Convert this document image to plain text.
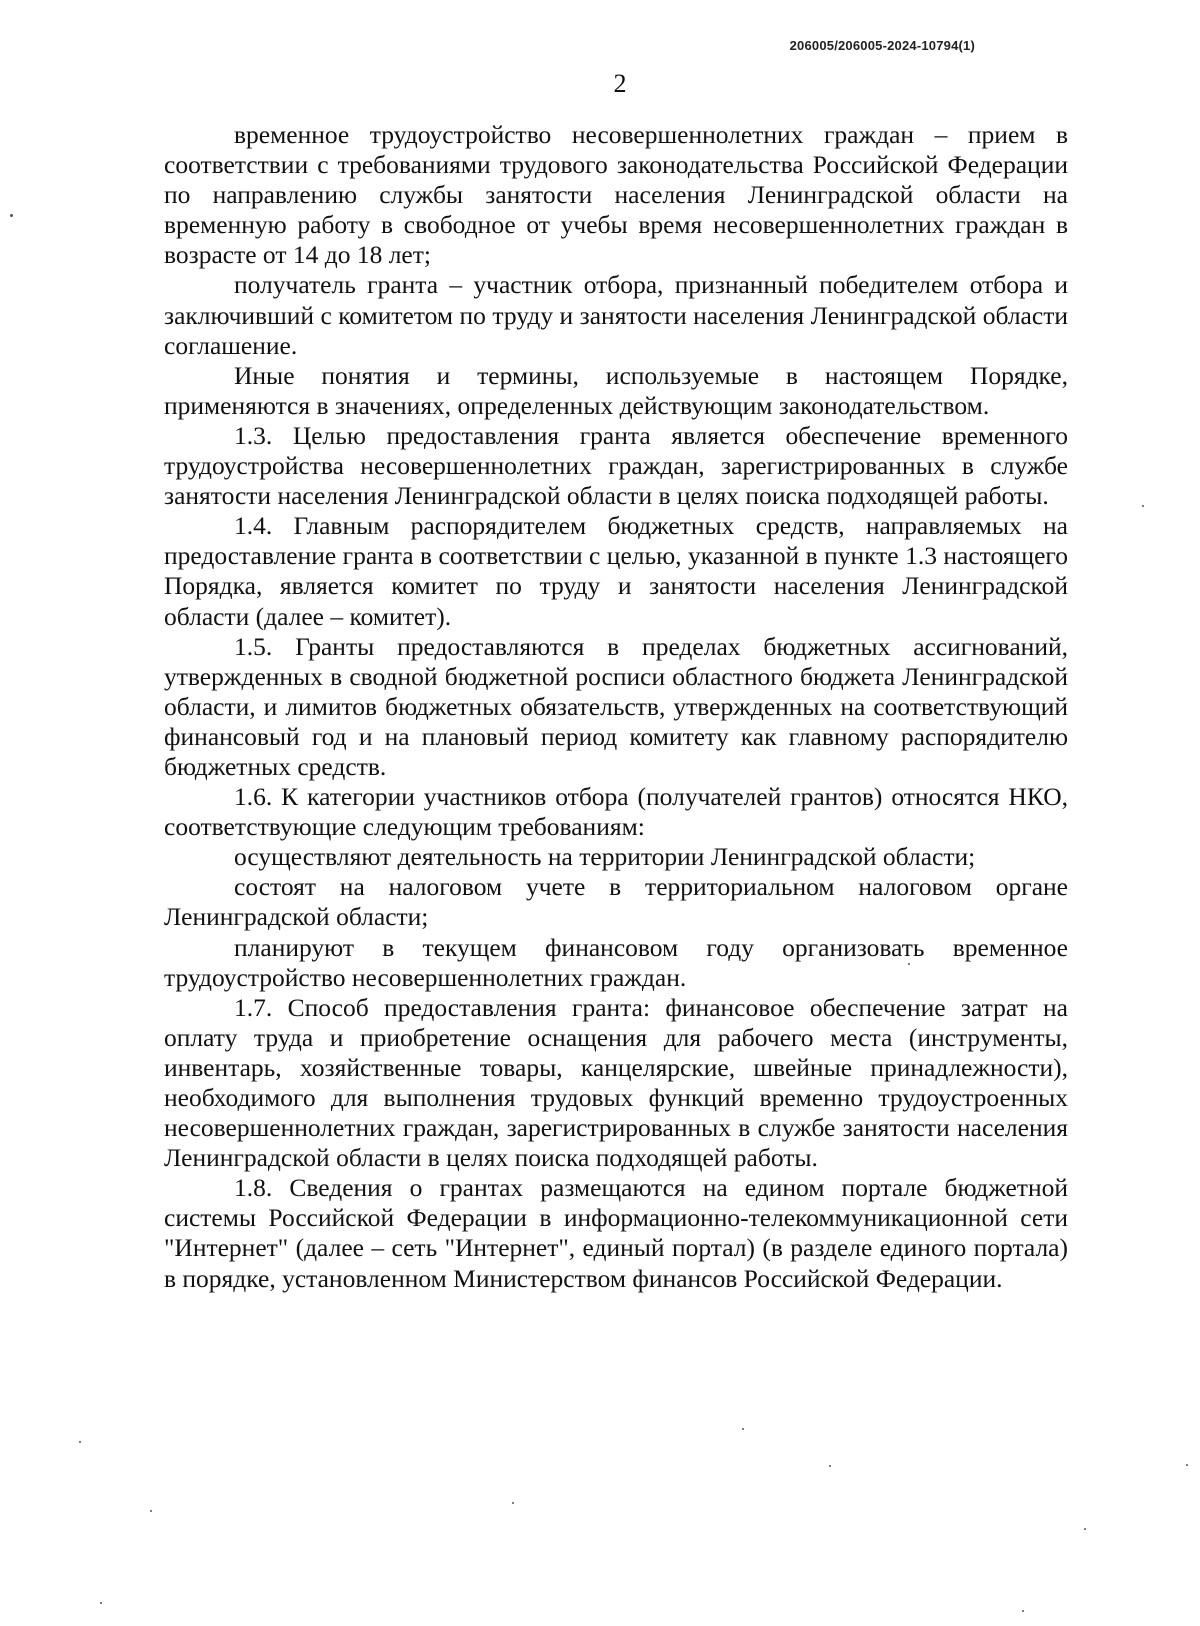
206005/206005-2024-10794(1)
2

временное трудоустройство несовершеннолетних граждан – прием в соответствии с требованиями трудового законодательства Российской Федерации по направлению службы занятости населения Ленинградской области на временную работу в свободное от учебы время несовершеннолетних граждан в возрасте от 14 до 18 лет;

получатель гранта – участник отбора, признанный победителем отбора и заключивший с комитетом по труду и занятости населения Ленинградской области соглашение.

Иные понятия и термины, используемые в настоящем Порядке, применяются в значениях, определенных действующим законодательством.

1.3. Целью предоставления гранта является обеспечение временного трудоустройства несовершеннолетних граждан, зарегистрированных в службе занятости населения Ленинградской области в целях поиска подходящей работы.

1.4. Главным распорядителем бюджетных средств, направляемых на предоставление гранта в соответствии с целью, указанной в пункте 1.3 настоящего Порядка, является комитет по труду и занятости населения Ленинградской области (далее – комитет).

1.5. Гранты предоставляются в пределах бюджетных ассигнований, утвержденных в сводной бюджетной росписи областного бюджета Ленинградской области, и лимитов бюджетных обязательств, утвержденных на соответствующий финансовый год и на плановый период комитету как главному распорядителю бюджетных средств.

1.6. К категории участников отбора (получателей грантов) относятся НКО, соответствующие следующим требованиям:

осуществляют деятельность на территории Ленинградской области;

состоят на налоговом учете в территориальном налоговом органе Ленинградской области;

планируют в текущем финансовом году организовать временное трудоустройство несовершеннолетних граждан.

1.7. Способ предоставления гранта: финансовое обеспечение затрат на оплату труда и приобретение оснащения для рабочего места (инструменты, инвентарь, хозяйственные товары, канцелярские, швейные принадлежности), необходимого для выполнения трудовых функций временно трудоустроенных несовершеннолетних граждан, зарегистрированных в службе занятости населения Ленинградской области в целях поиска подходящей работы.

1.8. Сведения о грантах размещаются на едином портале бюджетной системы Российской Федерации в информационно-телекоммуникационной сети "Интернет" (далее – сеть "Интернет", единый портал) (в разделе единого портала) в порядке, установленном Министерством финансов Российской Федерации.
